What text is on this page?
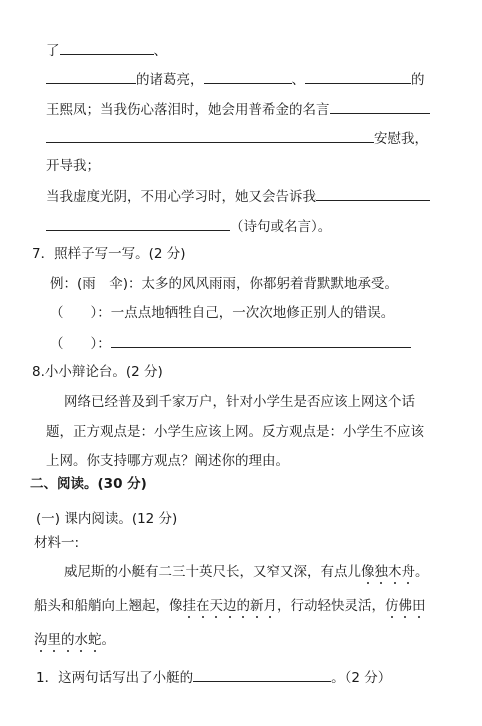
了	、
的诸葛亮，	、	的
王熙凤；当我伤心落泪时，她会用普希金的名言
安慰我，
开导我；
当我虚度光阴，不用心学习时，她又会告诉我
（诗句或名言）。
7．照样子写一写。(2 分)
例：(雨　伞)：太多的风风雨雨，你都躬着背默默地承受。
（　　）：一点点地牺牲自己，一次次地修正别人的错误。
（　　）：
8.小小辩论台。(2 分)
网络已经普及到千家万户，针对小学生是否应该上网这个话
题，正方观点是：小学生应该上网。反方观点是：小学生不应该
上网。你支持哪方观点？阐述你的理由。
二、阅读。(30 分)
(一) 课内阅读。(12 分)
材料一:
威尼斯的小艇有二三十英尺长，又窄又深，有点儿像独木舟。
船头和船艄向上翘起，像挂在天边的新月，行动轻快灵活，仿佛田
沟里的水蛇。
1．这两句话写出了小艇的	。（2 分）
